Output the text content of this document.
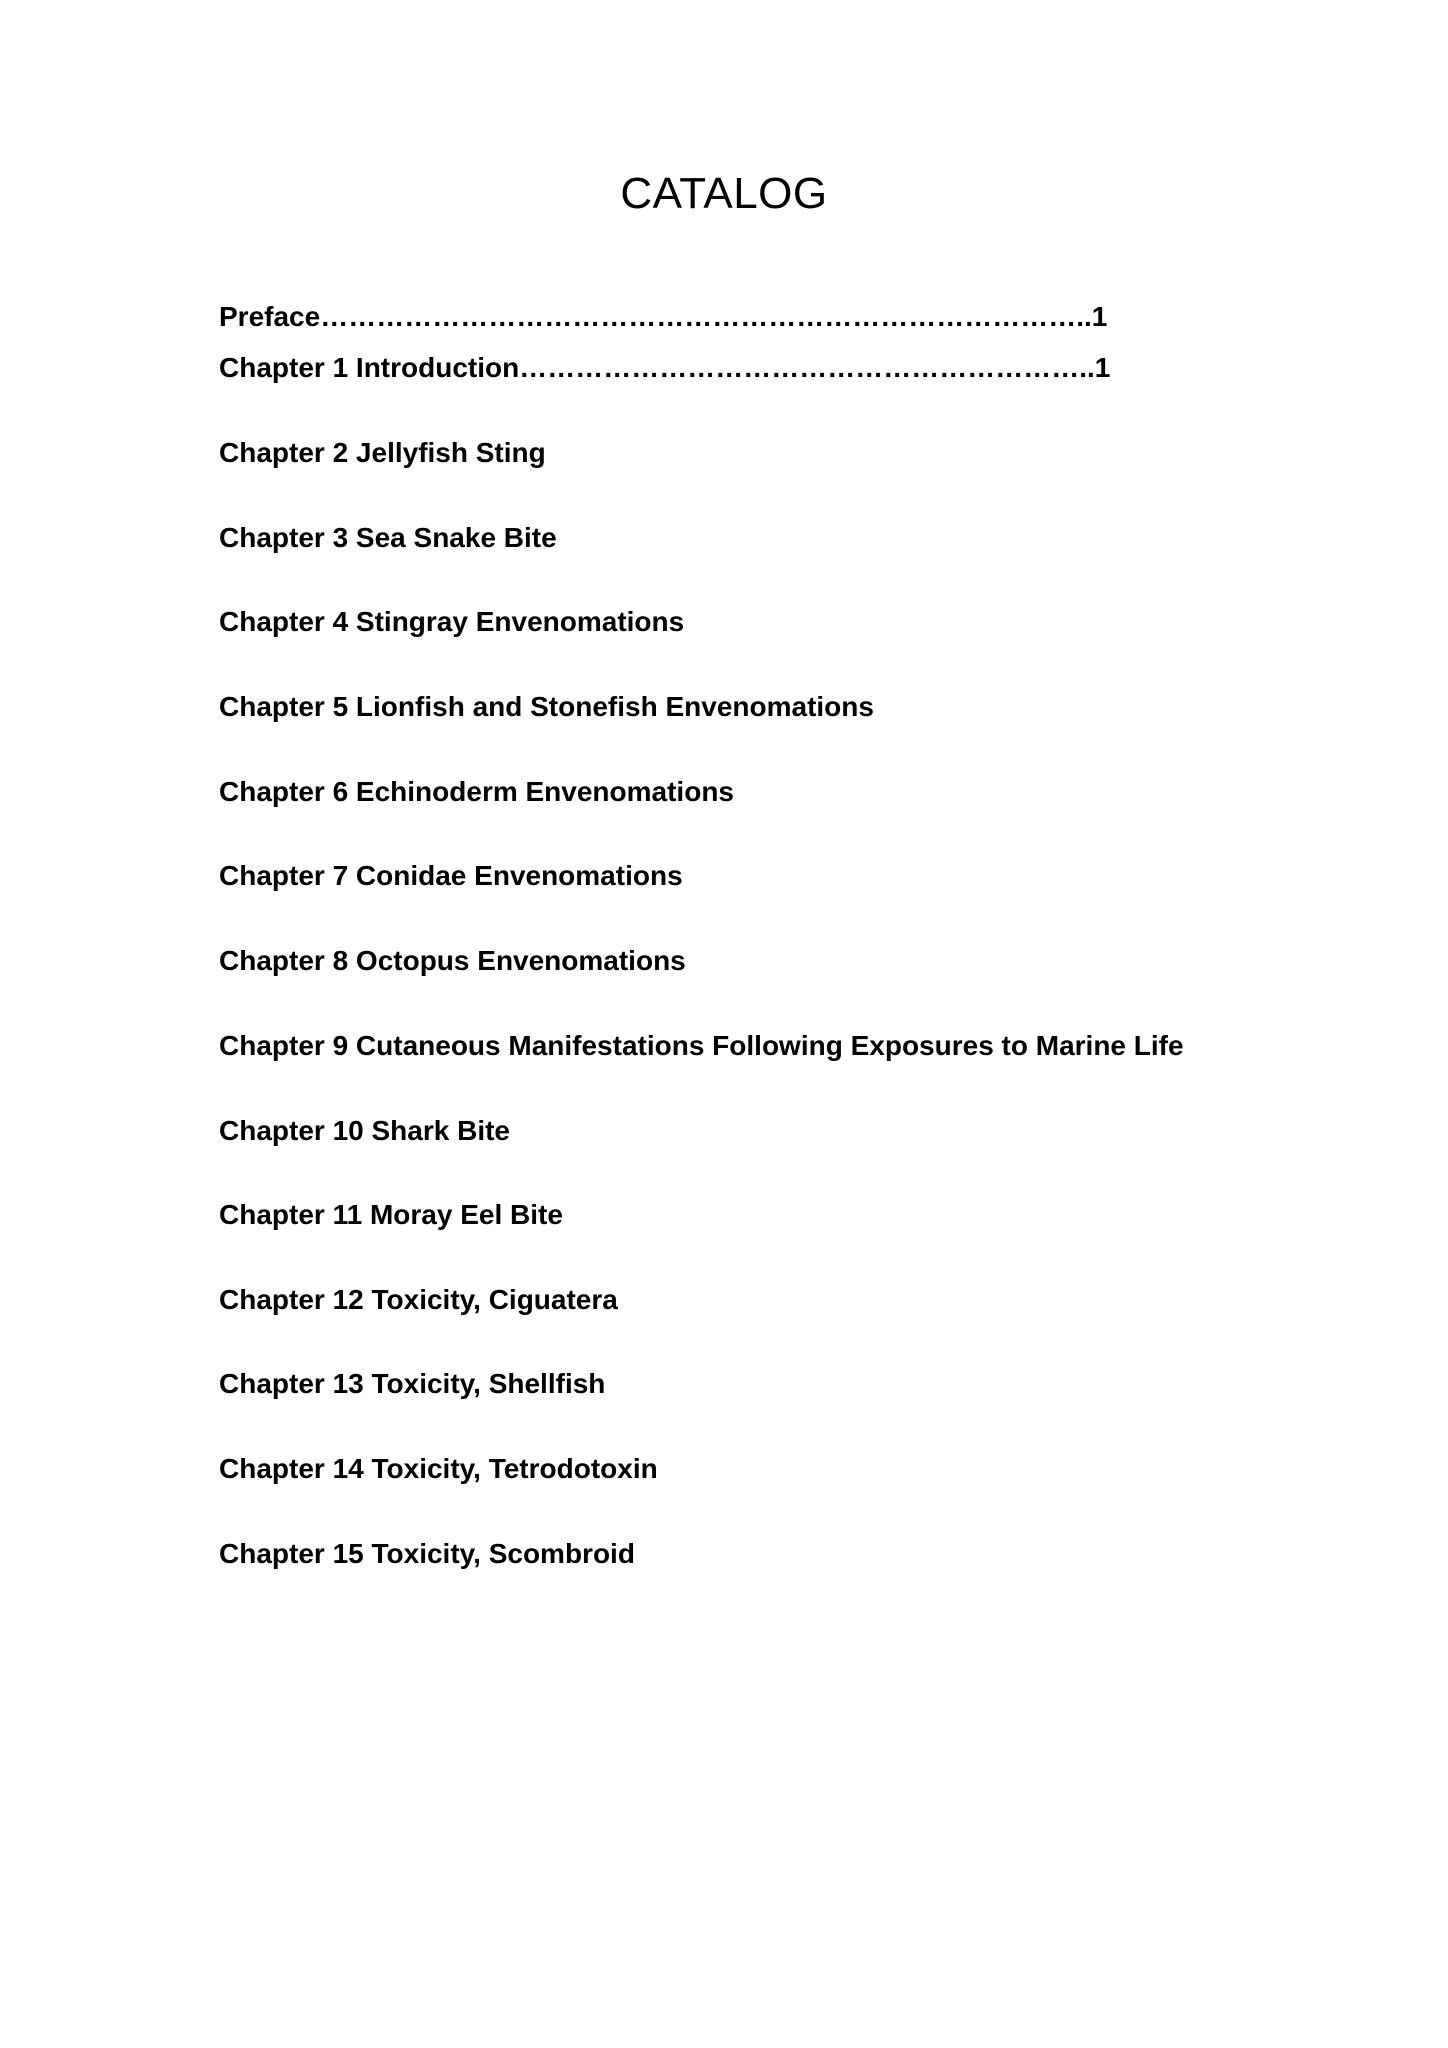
CATALOG
Preface………………………………………………………………………..1
Chapter 1 Introduction……………………………………………………..1
Chapter 2 Jellyfish Sting
Chapter 3 Sea Snake Bite
Chapter 4 Stingray Envenomations
Chapter 5 Lionfish and Stonefish Envenomations
Chapter 6 Echinoderm Envenomations
Chapter 7 Conidae Envenomations
Chapter 8 Octopus Envenomations
Chapter 9 Cutaneous Manifestations Following Exposures to Marine Life
Chapter 10 Shark Bite
Chapter 11 Moray Eel Bite
Chapter 12 Toxicity, Ciguatera
Chapter 13 Toxicity, Shellfish
Chapter 14 Toxicity, Tetrodotoxin
Chapter 15 Toxicity, Scombroid
